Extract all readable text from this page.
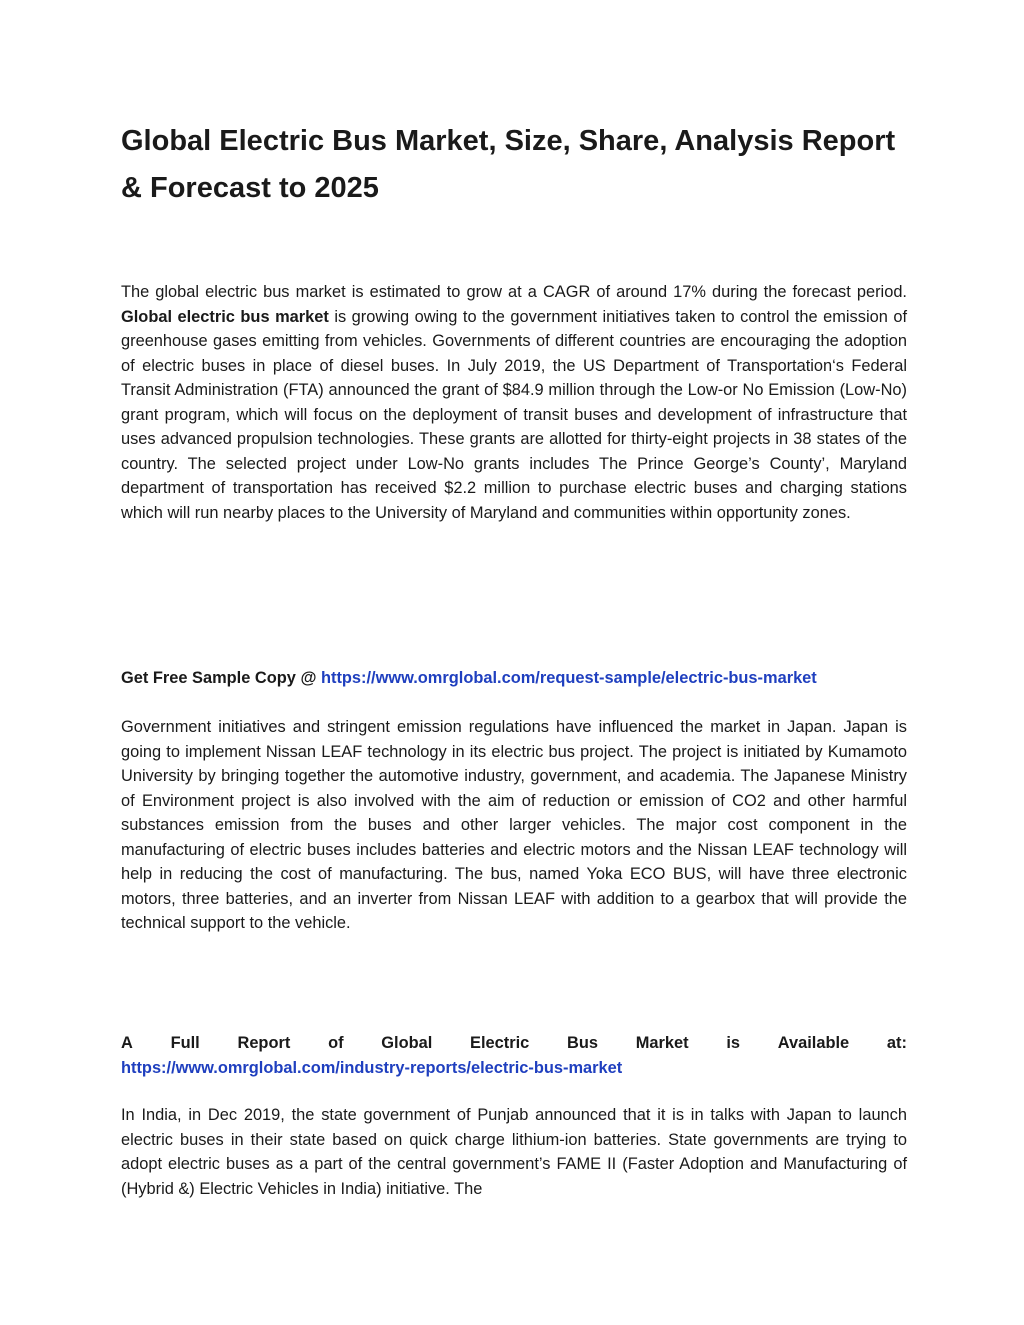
Global Electric Bus Market, Size, Share, Analysis Report & Forecast to 2025

The global electric bus market is estimated to grow at a CAGR of around 17% during the forecast period. Global electric bus market is growing owing to the government initiatives taken to control the emission of greenhouse gases emitting from vehicles. Governments of different countries are encouraging the adoption of electric buses in place of diesel buses. In July 2019, the US Department of Transportation‘s Federal Transit Administration (FTA) announced the grant of $84.9 million through the Low-or No Emission (Low-No) grant program, which will focus on the deployment of transit buses and development of infrastructure that uses advanced propulsion technologies. These grants are allotted for thirty-eight projects in 38 states of the country. The selected project under Low-No grants includes The Prince George’s County’, Maryland department of transportation has received $2.2 million to purchase electric buses and charging stations which will run nearby places to the University of Maryland and communities within opportunity zones.

Get Free Sample Copy @ https://www.omrglobal.com/request-sample/electric-bus-market

Government initiatives and stringent emission regulations have influenced the market in Japan. Japan is going to implement Nissan LEAF technology in its electric bus project. The project is initiated by Kumamoto University by bringing together the automotive industry, government, and academia. The Japanese Ministry of Environment project is also involved with the aim of reduction or emission of CO2 and other harmful substances emission from the buses and other larger vehicles. The major cost component in the manufacturing of electric buses includes batteries and electric motors and the Nissan LEAF technology will help in reducing the cost of manufacturing. The bus, named Yoka ECO BUS, will have three electronic motors, three batteries, and an inverter from Nissan LEAF with addition to a gearbox that will provide the technical support to the vehicle.

A Full Report of Global Electric Bus Market is Available at:
https://www.omrglobal.com/industry-reports/electric-bus-market

In India, in Dec 2019, the state government of Punjab announced that it is in talks with Japan to launch electric buses in their state based on quick charge lithium-ion batteries. State governments are trying to adopt electric buses as a part of the central government’s FAME II (Faster Adoption and Manufacturing of (Hybrid &) Electric Vehicles in India) initiative. The
